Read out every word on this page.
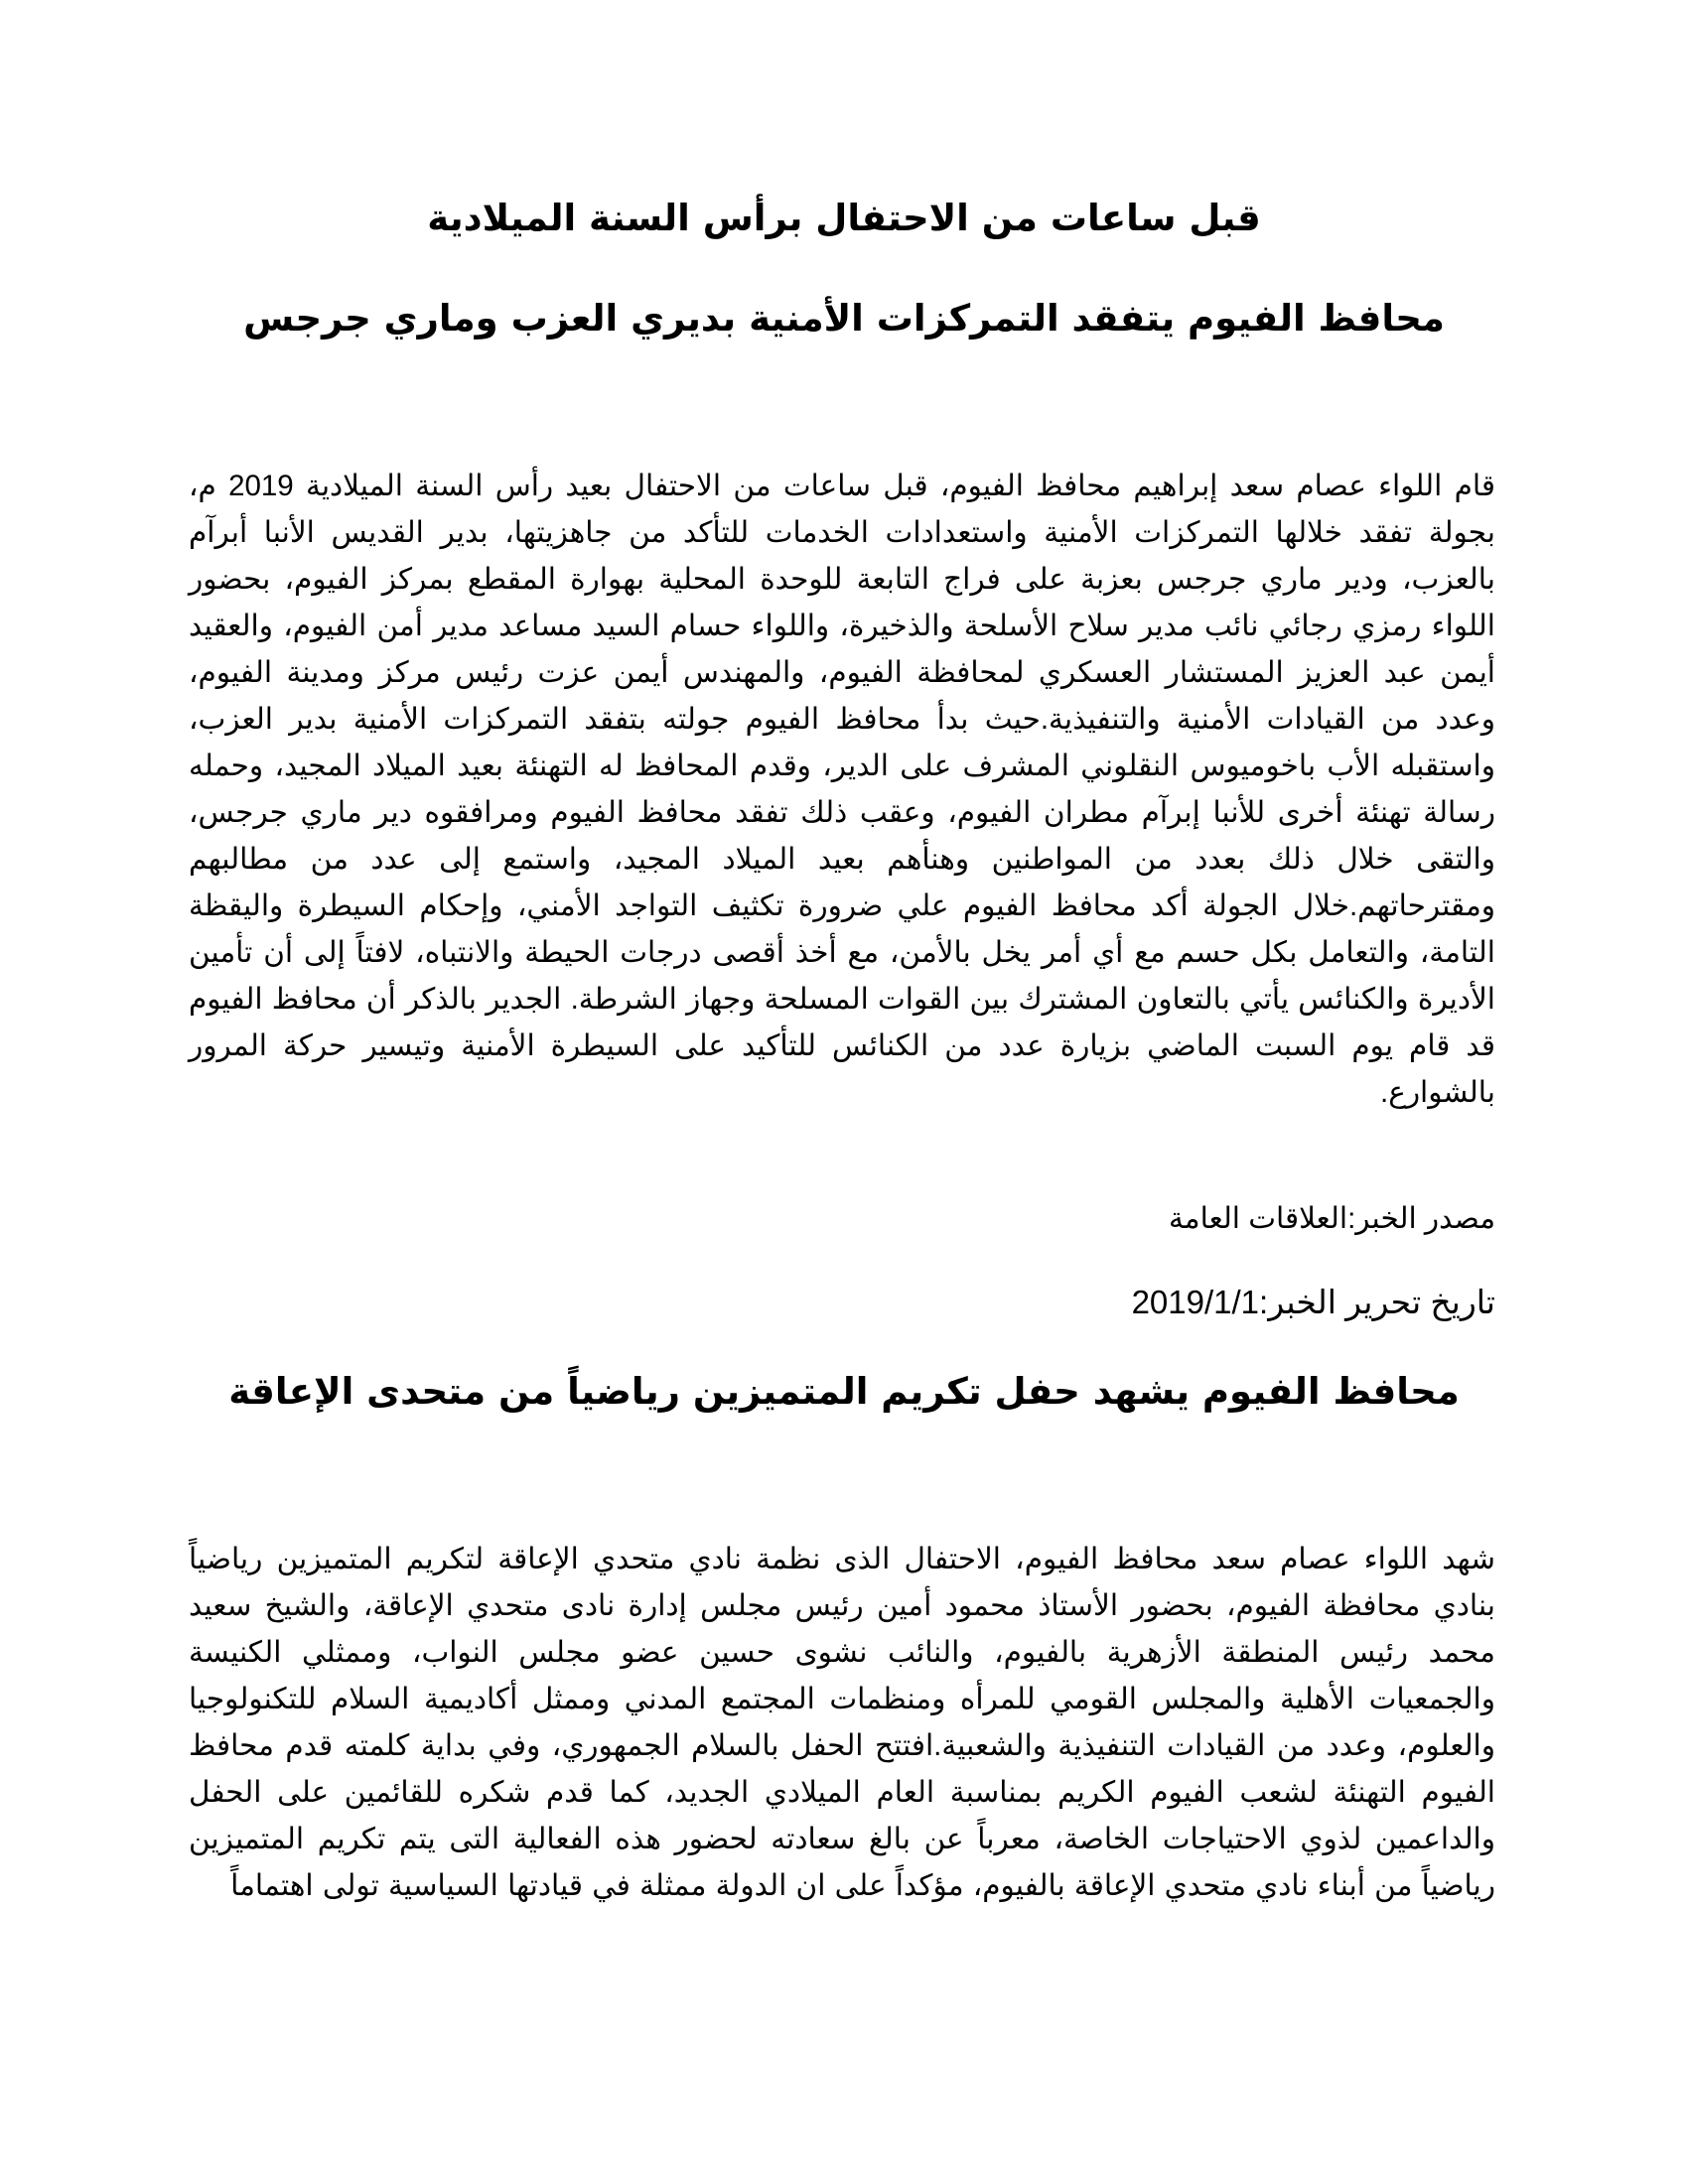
قبل ساعات من الاحتفال برأس السنة الميلادية
محافظ الفيوم يتفقد التمركزات الأمنية بديري العزب وماري جرجس

قام اللواء عصام سعد إبراهيم محافظ الفيوم، قبل ساعات من الاحتفال بعيد رأس السنة الميلادية 2019 م، بجولة تفقد خلالها التمركزات الأمنية واستعدادات الخدمات للتأكد من جاهزيتها، بدير القديس الأنبا أبرآم بالعزب، ودير ماري جرجس بعزبة على فراج التابعة للوحدة المحلية بهوارة المقطع بمركز الفيوم، بحضور اللواء رمزي رجائي نائب مدير سلاح الأسلحة والذخيرة، واللواء حسام السيد مساعد مدير أمن الفيوم، والعقيد أيمن عبد العزيز المستشار العسكري لمحافظة الفيوم، والمهندس أيمن عزت رئيس مركز ومدينة الفيوم، وعدد من القيادات الأمنية والتنفيذية.حيث بدأ محافظ الفيوم جولته بتفقد التمركزات الأمنية بدير العزب، واستقبله الأب باخوميوس النقلوني المشرف على الدير، وقدم المحافظ له التهنئة بعيد الميلاد المجيد، وحمله رسالة تهنئة أخرى للأنبا إبرآم مطران الفيوم، وعقب ذلك تفقد محافظ الفيوم ومرافقوه دير ماري جرجس، والتقى خلال ذلك بعدد من المواطنين وهنأهم بعيد الميلاد المجيد، واستمع إلى عدد من مطالبهم ومقترحاتهم.خلال الجولة أكد محافظ الفيوم علي ضرورة تكثيف التواجد الأمني، وإحكام السيطرة واليقظة التامة، والتعامل بكل حسم مع أي أمر يخل بالأمن، مع أخذ أقصى درجات الحيطة والانتباه، لافتاً إلى أن تأمين الأديرة والكنائس يأتي بالتعاون المشترك بين القوات المسلحة وجهاز الشرطة. الجدير بالذكر أن محافظ الفيوم قد قام يوم السبت الماضي بزيارة عدد من الكنائس للتأكيد على السيطرة الأمنية وتيسير حركة المرور بالشوارع.

مصدر الخبر:العلاقات العامة

تاريخ تحرير الخبر:2019/1/1

محافظ الفيوم يشهد حفل تكريم المتميزين رياضياً من متحدى الإعاقة

شهد اللواء عصام سعد محافظ الفيوم، الاحتفال الذى نظمة نادي متحدي الإعاقة لتكريم المتميزين رياضياً بنادي محافظة الفيوم، بحضور الأستاذ محمود أمين رئيس مجلس إدارة نادى متحدي الإعاقة، والشيخ سعيد محمد رئيس المنطقة الأزهرية بالفيوم، والنائب نشوى حسين عضو مجلس النواب، وممثلي الكنيسة والجمعيات الأهلية والمجلس القومي للمرأه ومنظمات المجتمع المدني وممثل أكاديمية السلام للتكنولوجيا والعلوم، وعدد من القيادات التنفيذية والشعبية.افتتح الحفل بالسلام الجمهوري، وفي بداية كلمته قدم محافظ الفيوم التهنئة لشعب الفيوم الكريم بمناسبة العام الميلادي الجديد، كما قدم شكره للقائمين على الحفل والداعمين لذوي الاحتياجات الخاصة، معرباً عن بالغ سعادته لحضور هذه الفعالية التى يتم تكريم المتميزين رياضياً من أبناء نادي متحدي الإعاقة بالفيوم، مؤكداً على ان الدولة ممثلة في قيادتها السياسية تولى اهتماماً
